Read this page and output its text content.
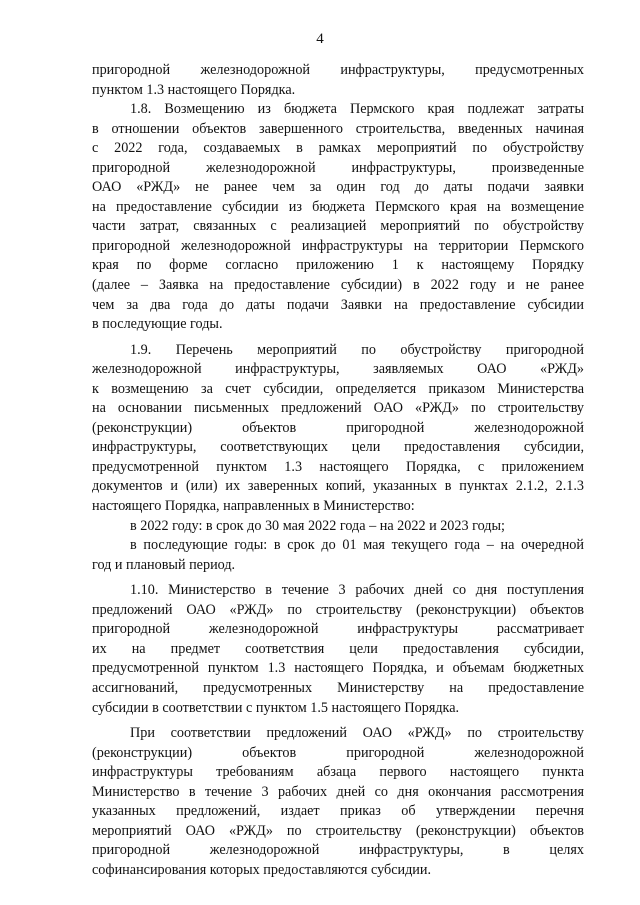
4
пригородной железнодорожной инфраструктуры, предусмотренных
пунктом 1.3 настоящего Порядка.
1.8. Возмещению из бюджета Пермского края подлежат затраты
в отношении объектов завершенного строительства, введенных начиная
с 2022 года, создаваемых в рамках мероприятий по обустройству
пригородной железнодорожной инфраструктуры, произведенные
ОАО «РЖД» не ранее чем за один год до даты подачи заявки
на предоставление субсидии из бюджета Пермского края на возмещение
части затрат, связанных с реализацией мероприятий по обустройству
пригородной железнодорожной инфраструктуры на территории Пермского
края по форме согласно приложению 1 к настоящему Порядку
(далее – Заявка на предоставление субсидии) в 2022 году и не ранее
чем за два года до даты подачи Заявки на предоставление субсидии
в последующие годы.
1.9. Перечень мероприятий по обустройству пригородной
железнодорожной инфраструктуры, заявляемых ОАО «РЖД»
к возмещению за счет субсидии, определяется приказом Министерства
на основании письменных предложений ОАО «РЖД» по строительству
(реконструкции) объектов пригородной железнодорожной
инфраструктуры, соответствующих цели предоставления субсидии,
предусмотренной пунктом 1.3 настоящего Порядка, с приложением
документов и (или) их заверенных копий, указанных в пунктах 2.1.2, 2.1.3
настоящего Порядка, направленных в Министерство:
в 2022 году: в срок до 30 мая 2022 года – на 2022 и 2023 годы;
в последующие годы: в срок до 01 мая текущего года – на очередной
год и плановый период.
1.10. Министерство в течение 3 рабочих дней со дня поступления
предложений ОАО «РЖД» по строительству (реконструкции) объектов
пригородной железнодорожной инфраструктуры рассматривает
их на предмет соответствия цели предоставления субсидии,
предусмотренной пунктом 1.3 настоящего Порядка, и объемам бюджетных
ассигнований, предусмотренных Министерству на предоставление
субсидии в соответствии с пунктом 1.5 настоящего Порядка.
При соответствии предложений ОАО «РЖД» по строительству
(реконструкции) объектов пригородной железнодорожной
инфраструктуры требованиям абзаца первого настоящего пункта
Министерство в течение 3 рабочих дней со дня окончания рассмотрения
указанных предложений, издает приказ об утверждении перечня
мероприятий ОАО «РЖД» по строительству (реконструкции) объектов
пригородной железнодорожной инфраструктуры, в целях
софинансирования которых предоставляются субсидии.
